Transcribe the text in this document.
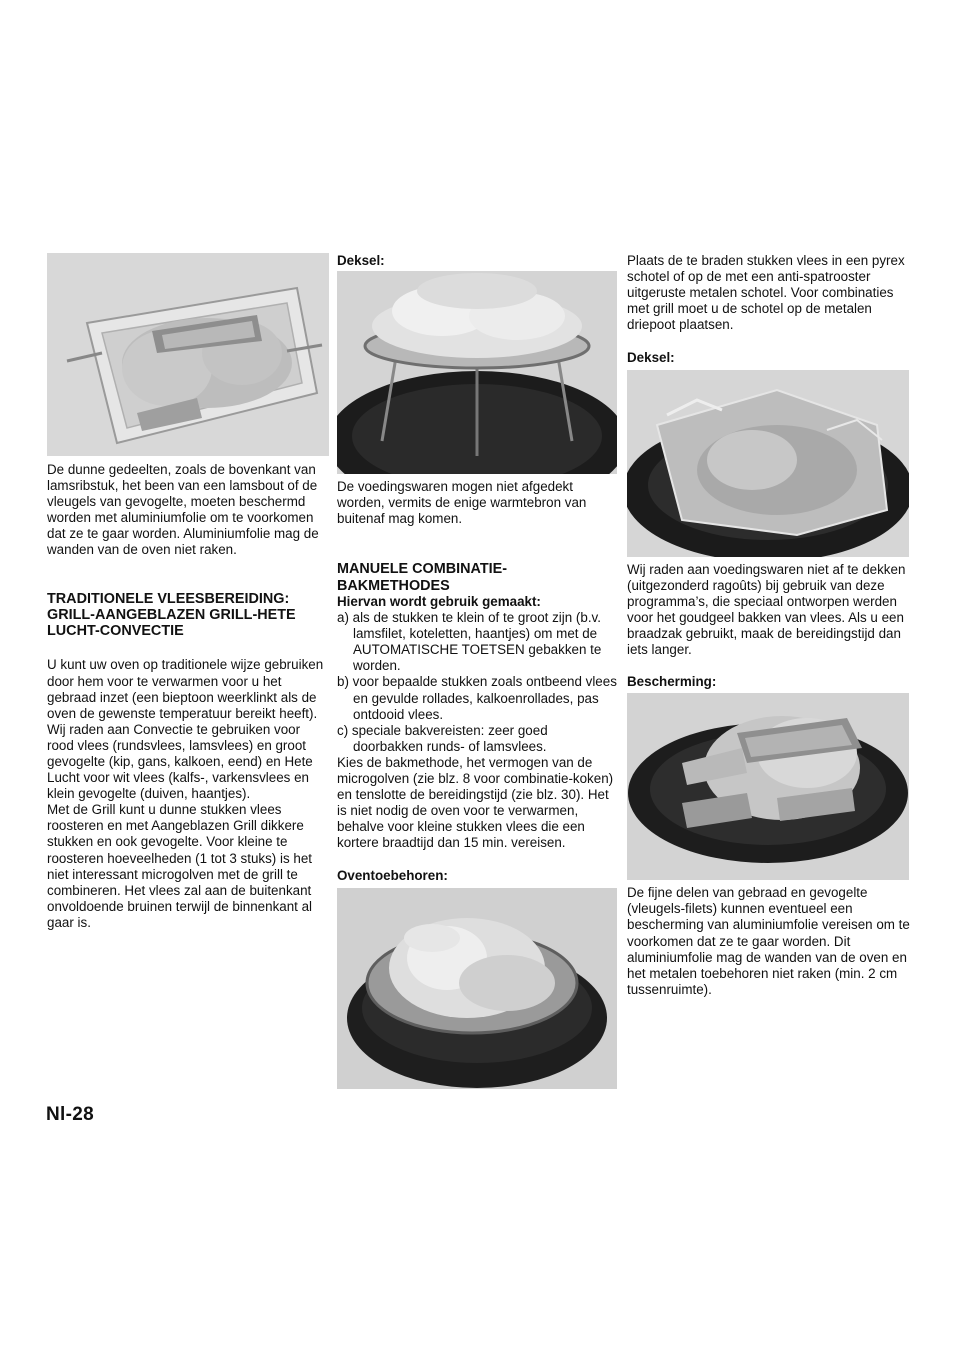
De dunne gedeelten, zoals de bovenkant van lamsribstuk, het been van een lamsbout of de vleugels van gevogelte, moeten beschermd worden met aluminiumfolie om te voorkomen dat ze te gaar worden. Aluminiumfolie mag de wanden van de oven niet raken.

TRADITIONELE VLEESBEREIDING: GRILL-AANGEBLAZEN GRILL-HETE LUCHT-CONVECTIE

U kunt uw oven op traditionele wijze gebruiken door hem voor te verwarmen voor u het gebraad inzet (een bieptoon weerklinkt als de oven de gewenste temperatuur bereikt heeft).

Wij raden aan Convectie te gebruiken voor rood vlees (rundsvlees, lamsvlees) en groot gevogelte (kip, gans, kalkoen, eend) en Hete Lucht voor wit vlees (kalfs-, varkensvlees en klein gevogelte (duiven, haantjes).

Met de Grill kunt u dunne stukken vlees roosteren en met Aangeblazen Grill dikkere stukken en ook gevogelte. Voor kleine te roosteren hoeveelheden (1 tot 3 stuks) is het niet interessant microgolven met de grill te combineren. Het vlees zal aan de buitenkant onvoldoende bruinen terwijl de binnenkant al gaar is.

Deksel:

De voedingswaren mogen niet afgedekt worden, vermits de enige warmtebron van buitenaf mag komen.

MANUELE COMBINATIE-BAKMETHODES

Hiervan wordt gebruik gemaakt:

a) als de stukken te klein of te groot zijn (b.v. lamsfilet, koteletten, haantjes) om met de AUTOMATISCHE TOETSEN gebakken te worden.
b) voor bepaalde stukken zoals ontbeend vlees en gevulde rollades, kalkoenrollades, pas ontdooid vlees.
c) speciale bakvereisten: zeer goed doorbakken runds- of lamsvlees.

Kies de bakmethode, het vermogen van de microgolven (zie blz. 8 voor combinatie-koken) en tenslotte de bereidingstijd (zie blz. 30). Het is niet nodig de oven voor te verwarmen, behalve voor kleine stukken vlees die een kortere braadtijd dan 15 min. vereisen.

Oventoebehoren:

Plaats de te braden stukken vlees in een pyrex schotel of op de met een anti-spatrooster uitgeruste metalen schotel. Voor combinaties met grill moet u de schotel op de metalen driepoot plaatsen.

Deksel:

Wij raden aan voedingswaren niet af te dekken (uitgezonderd ragoûts) bij gebruik van deze programma’s, die speciaal ontworpen werden voor het goudgeel bakken van vlees. Als u een braadzak gebruikt, maak de bereidingstijd dan iets langer.

Bescherming:

De fijne delen van gebraad en gevogelte (vleugels-filets) kunnen eventueel een bescherming van aluminiumfolie vereisen om te voorkomen dat ze te gaar worden. Dit aluminiumfolie mag de wanden van de oven en het metalen toebehoren niet raken (min. 2 cm tussenruimte).

Nl-28
